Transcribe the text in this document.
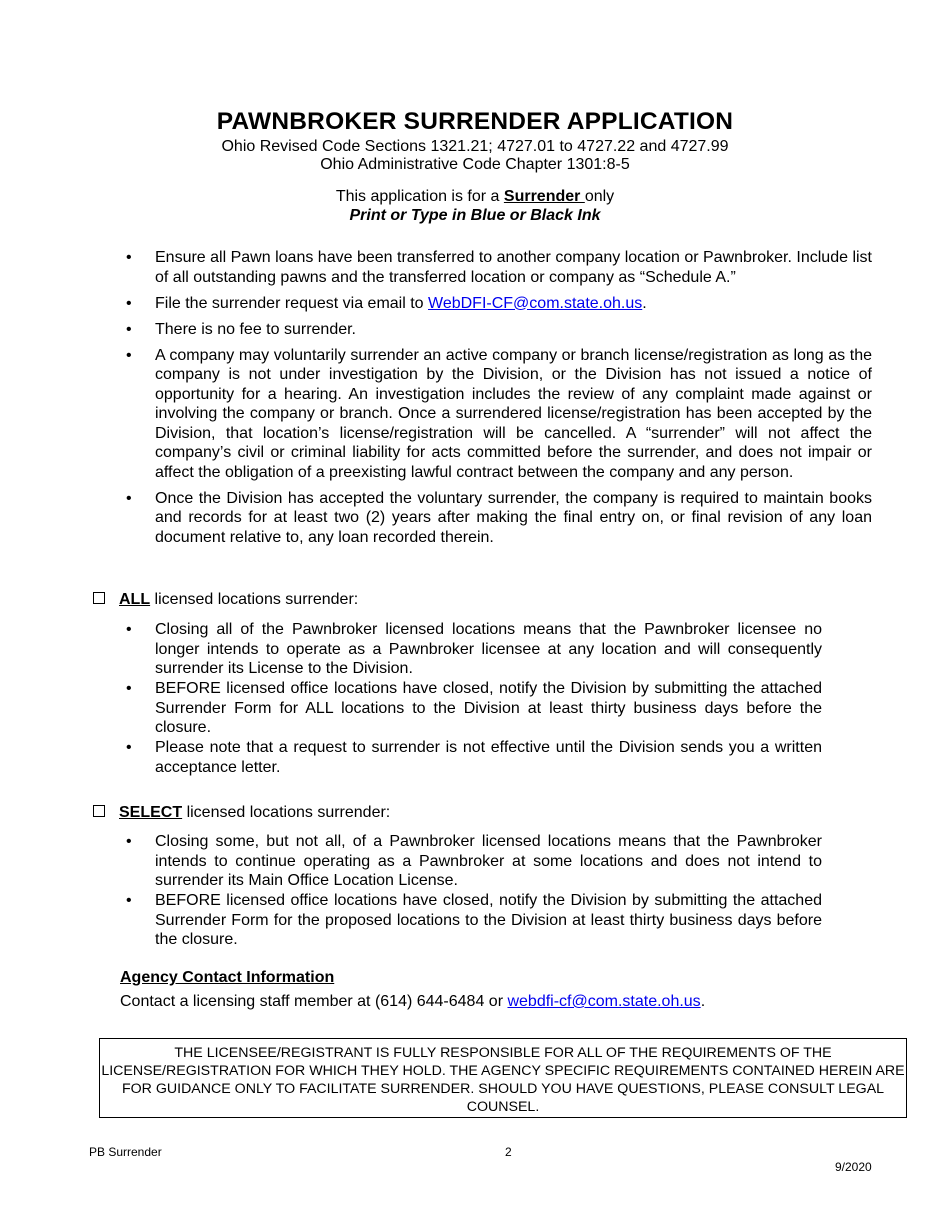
PAWNBROKER SURRENDER APPLICATION
Ohio Revised Code Sections 1321.21; 4727.01 to 4727.22 and 4727.99
Ohio Administrative Code Chapter 1301:8-5
This application is for a Surrender only
Print or Type in Blue or Black Ink
• Ensure all Pawn loans have been transferred to another company location or Pawnbroker. Include list of all outstanding pawns and the transferred location or company as “Schedule A.”
• File the surrender request via email to WebDFI-CF@com.state.oh.us.
• There is no fee to surrender.
• A company may voluntarily surrender an active company or branch license/registration as long as the company is not under investigation by the Division, or the Division has not issued a notice of opportunity for a hearing. An investigation includes the review of any complaint made against or involving the company or branch. Once a surrendered license/registration has been accepted by the Division, that location’s license/registration will be cancelled. A “surrender” will not affect the company’s civil or criminal liability for acts committed before the surrender, and does not impair or affect the obligation of a preexisting lawful contract between the company and any person.
• Once the Division has accepted the voluntary surrender, the company is required to maintain books and records for at least two (2) years after making the final entry on, or final revision of any loan document relative to, any loan recorded therein.
ALL licensed locations surrender:
• Closing all of the Pawnbroker licensed locations means that the Pawnbroker licensee no longer intends to operate as a Pawnbroker licensee at any location and will consequently surrender its License to the Division.
• BEFORE licensed office locations have closed, notify the Division by submitting the attached Surrender Form for ALL locations to the Division at least thirty business days before the closure.
• Please note that a request to surrender is not effective until the Division sends you a written acceptance letter.
SELECT licensed locations surrender:
• Closing some, but not all, of a Pawnbroker licensed locations means that the Pawnbroker intends to continue operating as a Pawnbroker at some locations and does not intend to surrender its Main Office Location License.
• BEFORE licensed office locations have closed, notify the Division by submitting the attached Surrender Form for the proposed locations to the Division at least thirty business days before the closure.
Agency Contact Information
Contact a licensing staff member at (614) 644-6484 or webdfi-cf@com.state.oh.us.
THE LICENSEE/REGISTRANT IS FULLY RESPONSIBLE FOR ALL OF THE REQUIREMENTS OF THE LICENSE/REGISTRATION FOR WHICH THEY HOLD. THE AGENCY SPECIFIC REQUIREMENTS CONTAINED HEREIN ARE FOR GUIDANCE ONLY TO FACILITATE SURRENDER. SHOULD YOU HAVE QUESTIONS, PLEASE CONSULT LEGAL COUNSEL.
PB Surrender	2
9/2020
